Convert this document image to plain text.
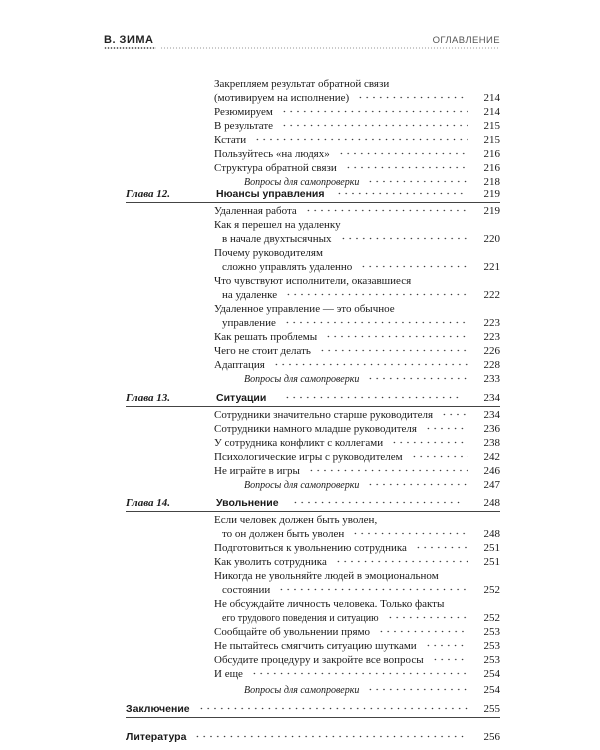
В. ЗИМА	ОГЛАВЛЕНИЕ
Закрепляем результат обратной связи
(мотивируем на исполнение)	214
Резюмируем	214
В результате	215
Кстати	215
Пользуйтесь «на людях»	216
Структура обратной связи	216
Вопросы для самопроверки	218
Глава 12.	Нюансы управления	219
Удаленная работа	219
Как я перешел на удаленку
в начале двухтысячных	220
Почему руководителям
сложно управлять удаленно	221
Что чувствуют исполнители, оказавшиеся
на удаленке	222
Удаленное управление — это обычное
управление	223
Как решать проблемы	223
Чего не стоит делать	226
Адаптация	228
Вопросы для самопроверки	233
Глава 13.	Ситуации	234
Сотрудники значительно старше руководителя	234
Сотрудники намного младше руководителя	236
У сотрудника конфликт с коллегами	238
Психологические игры с руководителем	242
Не играйте в игры	246
Вопросы для самопроверки	247
Глава 14.	Увольнение	248
Если человек должен быть уволен,
то он должен быть уволен	248
Подготовиться к увольнению сотрудника	251
Как уволить сотрудника	251
Никогда не увольняйте людей в эмоциональном
состоянии	252
Не обсуждайте личность человека. Только факты
его трудового поведения и ситуацию	252
Сообщайте об увольнении прямо	253
Не пытайтесь смягчить ситуацию шутками	253
Обсудите процедуру и закройте все вопросы	253
И еще	254
Вопросы для самопроверки	254
Заключение	255
Литература	256
